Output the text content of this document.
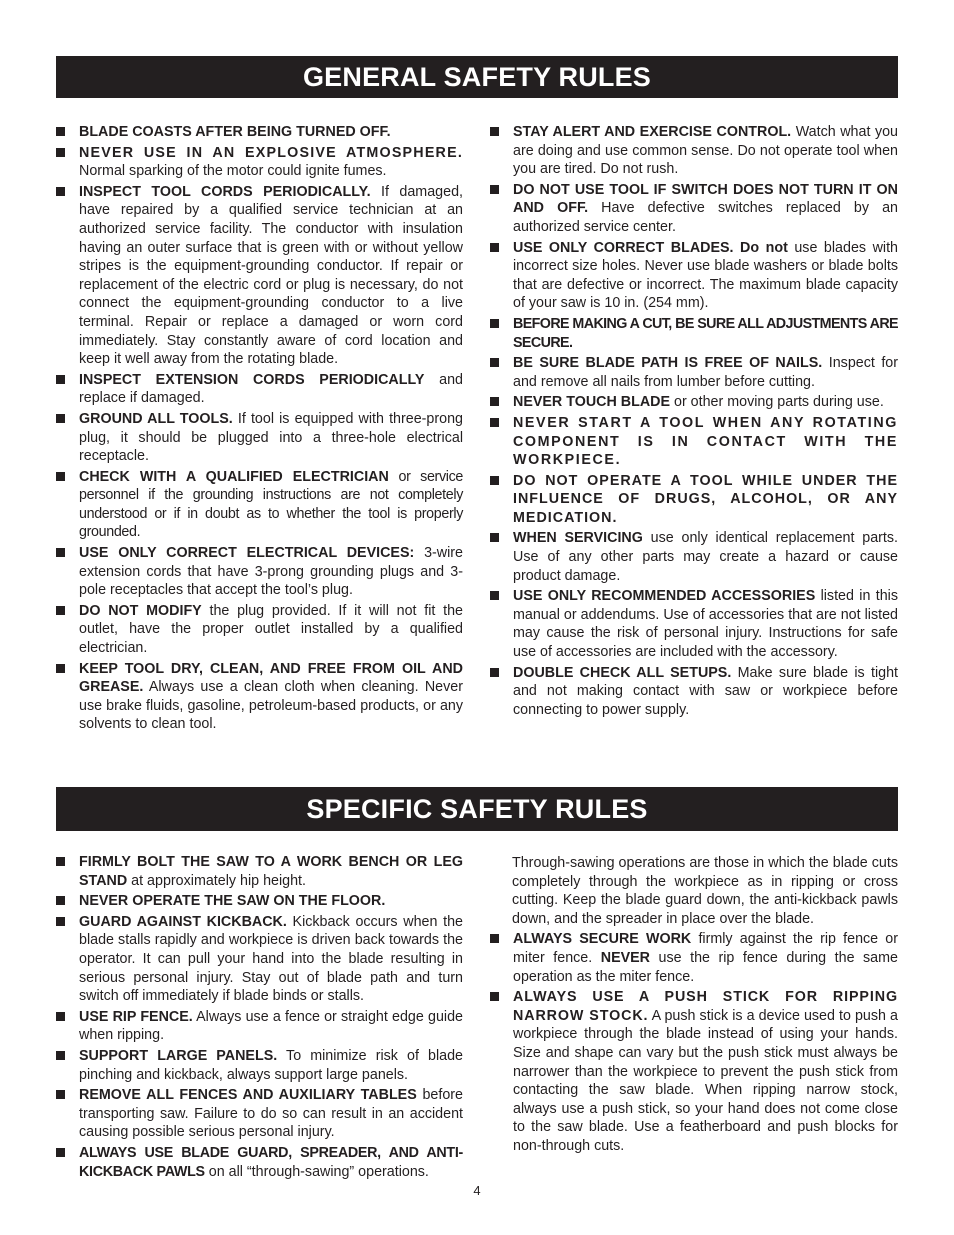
GENERAL SAFETY RULES
BLADE COASTS AFTER BEING TURNED OFF.
NEVER USE IN AN EXPLOSIVE ATMOSPHERE. Normal sparking of the motor could ignite fumes.
INSPECT TOOL CORDS PERIODICALLY. If damaged, have repaired by a qualified service technician at an authorized service facility. The conductor with insulation having an outer surface that is green with or without yellow stripes is the equipment-grounding conductor. If repair or replacement of the electric cord or plug is necessary, do not connect the equipment-grounding conductor to a live terminal. Repair or replace a damaged or worn cord immediately. Stay constantly aware of cord location and keep it well away from the rotating blade.
INSPECT EXTENSION CORDS PERIODICALLY and replace if damaged.
GROUND ALL TOOLS. If tool is equipped with three-prong plug, it should be plugged into a three-hole electrical receptacle.
CHECK WITH A QUALIFIED ELECTRICIAN or service personnel if the grounding instructions are not completely understood or if in doubt as to whether the tool is properly grounded.
USE ONLY CORRECT ELECTRICAL DEVICES: 3-wire extension cords that have 3-prong grounding plugs and 3-pole receptacles that accept the tool’s plug.
DO NOT MODIFY the plug provided. If it will not fit the outlet, have the proper outlet installed by a qualified electrician.
KEEP TOOL DRY, CLEAN, AND FREE FROM OIL AND GREASE. Always use a clean cloth when cleaning. Never use brake fluids, gasoline, petroleum-based products, or any solvents to clean tool.
STAY ALERT AND EXERCISE CONTROL. Watch what you are doing and use common sense. Do not operate tool when you are tired. Do not rush.
DO NOT USE TOOL IF SWITCH DOES NOT TURN IT ON AND OFF. Have defective switches replaced by an authorized service center.
USE ONLY CORRECT BLADES. Do not use blades with incorrect size holes. Never use blade washers or blade bolts that are defective or incorrect. The maximum blade capacity of your saw is 10 in. (254 mm).
BEFORE MAKING A CUT, BE SURE ALL ADJUSTMENTS ARE SECURE.
BE SURE BLADE PATH IS FREE OF NAILS. Inspect for and remove all nails from lumber before cutting.
NEVER TOUCH BLADE or other moving parts during use.
NEVER START A TOOL WHEN ANY ROTATING COMPONENT IS IN CONTACT WITH THE WORKPIECE.
DO NOT OPERATE A TOOL WHILE UNDER THE INFLUENCE OF DRUGS, ALCOHOL, OR ANY MEDICATION.
WHEN SERVICING use only identical replacement parts. Use of any other parts may create a hazard or cause product damage.
USE ONLY RECOMMENDED ACCESSORIES listed in this manual or addendums. Use of accessories that are not listed may cause the risk of personal injury. Instructions for safe use of accessories are included with the accessory.
DOUBLE CHECK ALL SETUPS. Make sure blade is tight and not making contact with saw or workpiece before connecting to power supply.
SPECIFIC SAFETY RULES
FIRMLY BOLT THE SAW TO A WORK BENCH OR LEG STAND at approximately hip height.
NEVER OPERATE THE SAW ON THE FLOOR.
GUARD AGAINST KICKBACK. Kickback occurs when the blade stalls rapidly and workpiece is driven back towards the operator. It can pull your hand into the blade resulting in serious personal injury. Stay out of blade path and turn switch off immediately if blade binds or stalls.
USE RIP FENCE. Always use a fence or straight edge guide when ripping.
SUPPORT LARGE PANELS. To minimize risk of blade pinching and kickback, always support large panels.
REMOVE ALL FENCES AND AUXILIARY TABLES before transporting saw. Failure to do so can result in an accident causing possible serious personal injury.
ALWAYS USE BLADE GUARD, SPREADER, AND ANTI-KICKBACK PAWLS on all “through-sawing” operations.
Through-sawing operations are those in which the blade cuts completely through the workpiece as in ripping or cross cutting. Keep the blade guard down, the anti-kickback pawls down, and the spreader in place over the blade.
ALWAYS SECURE WORK firmly against the rip fence or miter fence. NEVER use the rip fence during the same operation as the miter fence.
ALWAYS USE A PUSH STICK FOR RIPPING NARROW STOCK. A push stick is a device used to push a workpiece through the blade instead of using your hands. Size and shape can vary but the push stick must always be narrower than the workpiece to prevent the push stick from contacting the saw blade. When ripping narrow stock, always use a push stick, so your hand does not come close to the saw blade. Use a featherboard and push blocks for non-through cuts.
4
